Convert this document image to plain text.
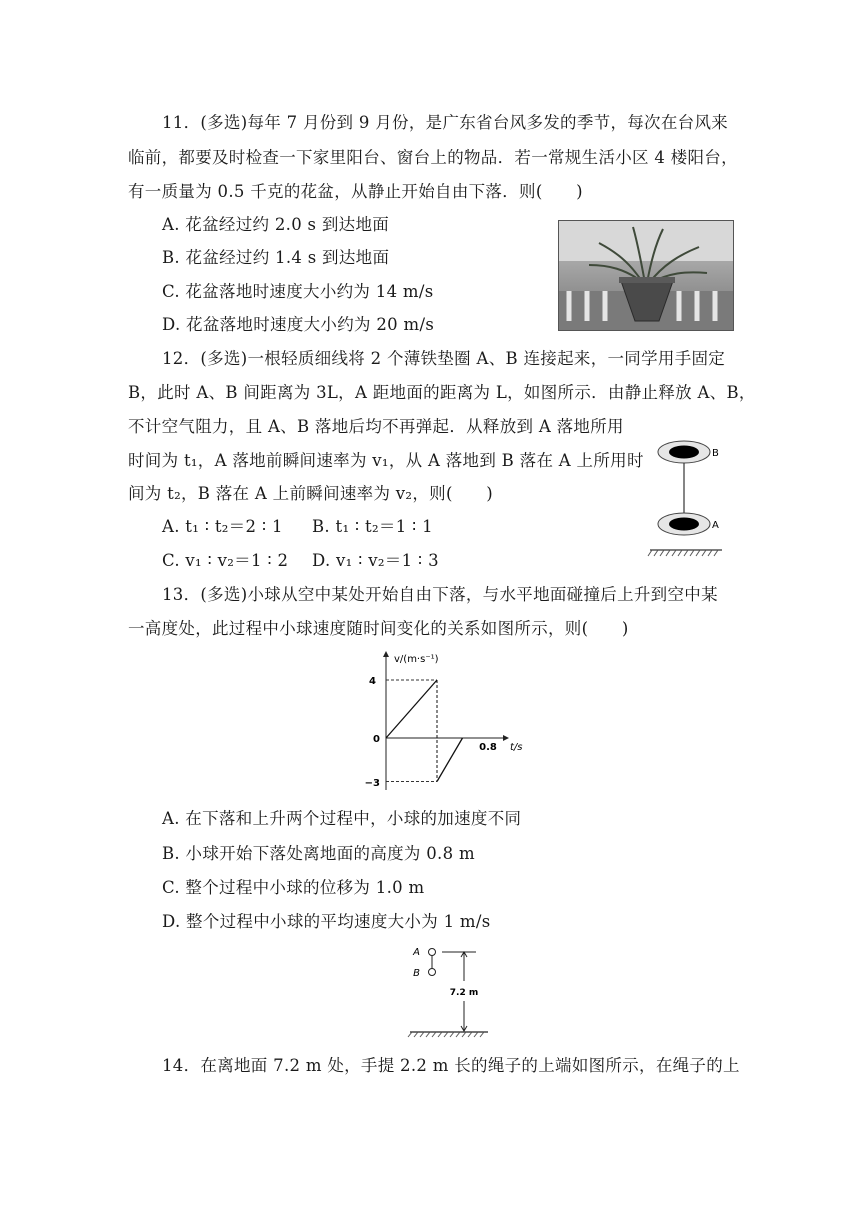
11．(多选)每年 7 月份到 9 月份，是广东省台风多发的季节，每次在台风来
临前，都要及时检查一下家里阳台、窗台上的物品．若一常规生活小区 4 楼阳台，
有一质量为 0.5 千克的花盆，从静止开始自由下落．则(　　)
A. 花盆经过约 2.0 s 到达地面
B. 花盆经过约 1.4 s 到达地面
C. 花盆落地时速度大小约为 14 m/s
D. 花盆落地时速度大小约为 20 m/s
12．(多选)一根轻质细线将 2 个薄铁垫圈 A、B 连接起来，一同学用手固定
B，此时 A、B 间距离为 3L，A 距地面的距离为 L，如图所示．由静止释放 A、B，
不计空气阻力，且 A、B 落地后均不再弹起．从释放到 A 落地所用
时间为 t₁，A 落地前瞬间速率为 v₁，从 A 落地到 B 落在 A 上所用时
间为 t₂，B 落在 A 上前瞬间速率为 v₂，则(　　)
A. t₁ ∶ t₂＝2 ∶ 1 B. t₁ ∶ t₂＝1 ∶ 1
C. v₁ ∶ v₂＝1 ∶ 2 D. v₁ ∶ v₂＝1 ∶ 3
B
A
13．(多选)小球从空中某处开始自由下落，与水平地面碰撞后上升到空中某
一高度处，此过程中小球速度随时间变化的关系如图所示，则(　　)
v/(m·s⁻¹)
t/s
4
0
−3
0.8
A. 在下落和上升两个过程中，小球的加速度不同
B. 小球开始下落处离地面的高度为 0.8 m
C. 整个过程中小球的位移为 1.0 m
D. 整个过程中小球的平均速度大小为 1 m/s
A
B
7.2 m
14．在离地面 7.2 m 处，手提 2.2 m 长的绳子的上端如图所示，在绳子的上
